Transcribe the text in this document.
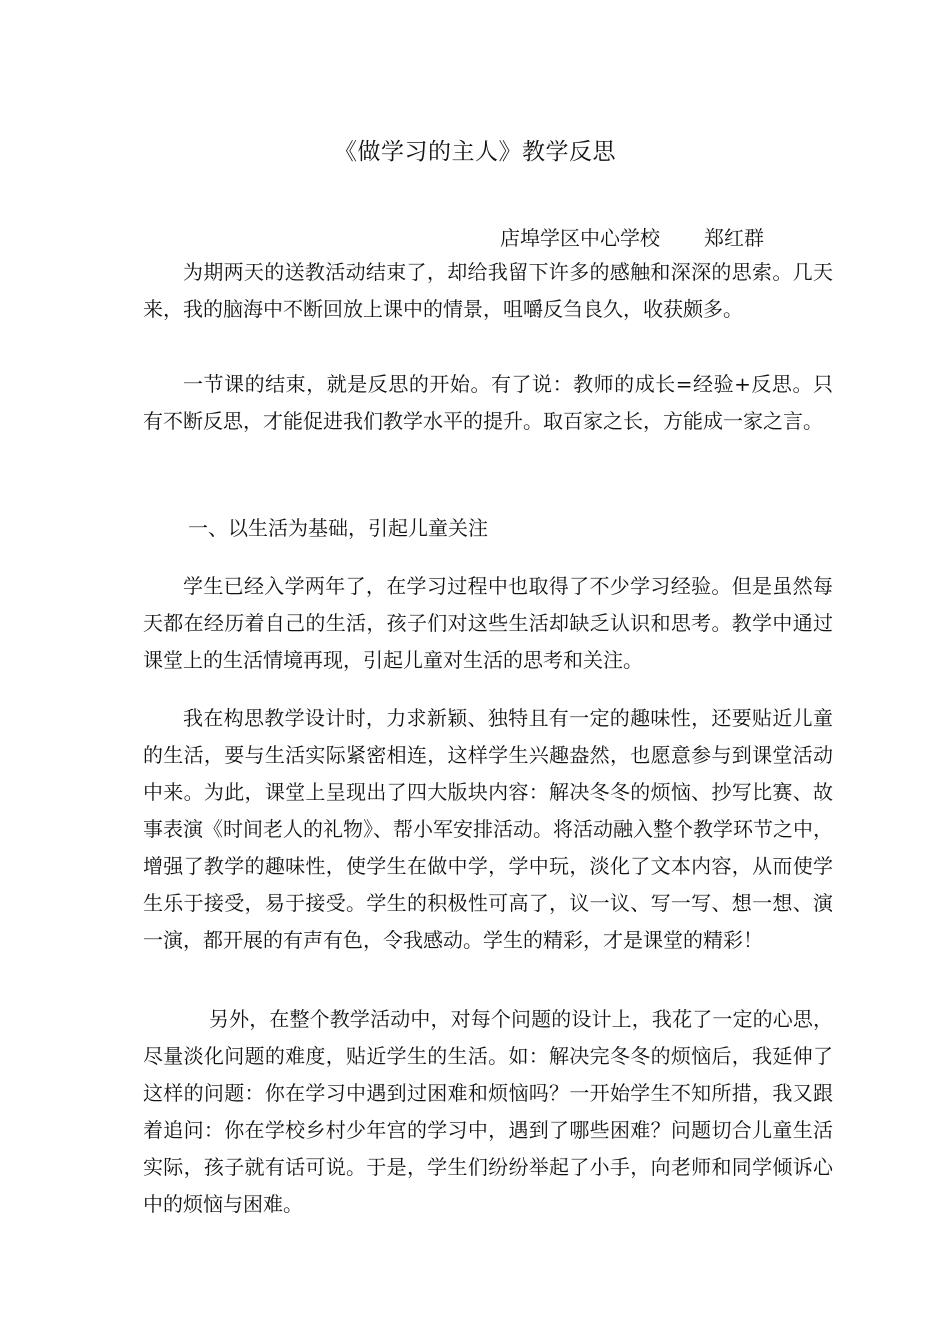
《做学习的主人》教学反思
店埠学区中心学校 郑红群

为期两天的送教活动结束了，却给我留下许多的感触和深深的思索。几天来，我的脑海中不断回放上课中的情景，咀嚼反刍良久，收获颇多。

一节课的结束，就是反思的开始。有了说：教师的成长=经验+反思。只有不断反思，才能促进我们教学水平的提升。取百家之长，方能成一家之言。

一、以生活为基础，引起儿童关注

学生已经入学两年了，在学习过程中也取得了不少学习经验。但是虽然每天都在经历着自己的生活，孩子们对这些生活却缺乏认识和思考。教学中通过课堂上的生活情境再现，引起儿童对生活的思考和关注。

我在构思教学设计时，力求新颖、独特且有一定的趣味性，还要贴近儿童的生活，要与生活实际紧密相连，这样学生兴趣盎然，也愿意参与到课堂活动中来。为此，课堂上呈现出了四大版块内容：解决冬冬的烦恼、抄写比赛、故事表演《时间老人的礼物》、帮小军安排活动。将活动融入整个教学环节之中，增强了教学的趣味性，使学生在做中学，学中玩，淡化了文本内容，从而使学生乐于接受，易于接受。学生的积极性可高了，议一议、写一写、想一想、演一演，都开展的有声有色，令我感动。学生的精彩，才是课堂的精彩！

另外，在整个教学活动中，对每个问题的设计上，我花了一定的心思，尽量淡化问题的难度，贴近学生的生活。如：解决完冬冬的烦恼后，我延伸了这样的问题：你在学习中遇到过困难和烦恼吗？一开始学生不知所措，我又跟着追问：你在学校乡村少年宫的学习中，遇到了哪些困难？问题切合儿童生活实际，孩子就有话可说。于是，学生们纷纷举起了小手，向老师和同学倾诉心中的烦恼与困难。
